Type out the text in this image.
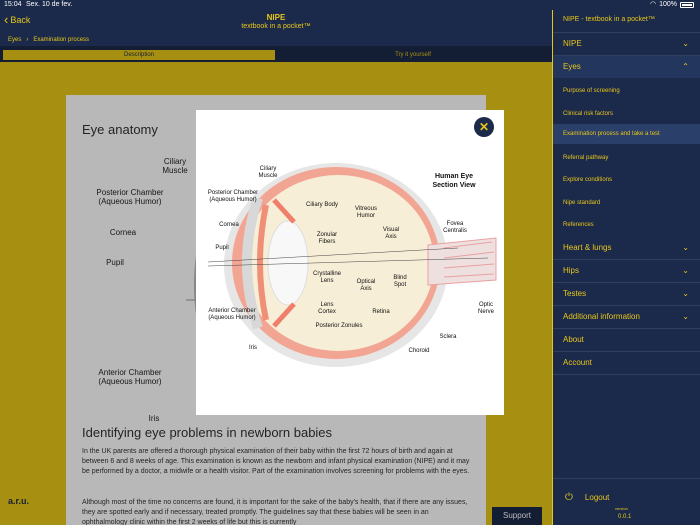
15:04 Sex. 10 de fev.	◠ 100%
‹ Back	NIPE
textbook in a pocket™
Eyes › Examination process
Description	Try it yourself
Eye anatomy
Ciliary Muscle
Posterior Chamber (Aqueous Humor)
Cornea
Pupil
Anterior Chamber (Aqueous Humor)
Iris
Identifying eye problems in newborn babies
In the UK parents are offered a thorough physical examination of their baby within the first 72 hours of birth and again at between 6 and 8 weeks of age. This examination is known as the newborn and infant physical examination (NIPE) and it may be performed by a doctor, a midwife or a health visitor. Part of the examination involves screening for problems with the eyes.
Although most of the time no concerns are found, it is important for the sake of the baby's health, that if there are any issues, they are spotted early and if necessary, treated promptly. The guidelines say that these babies will be seen in an ophthalmology clinic within the first 2 weeks of life but this is currently
a.r.u.
Support
✕
Human Eye Section View
Ciliary Muscle
Posterior Chamber (Aqueous Humor)
Cornea
Pupil
Anterior Chamber (Aqueous Humor)
Iris
Ciliary Body
Zonular Fibers
Vitreous Humor
Visual Axis
Fovea Centralis
Crystalline Lens	Optical Axis
Blind Spot
Optic Nerve
Lens Cortex	Retina
Posterior Zonules
Sclera
Choroid
NIPE - textbook in a pocket™
NIPE	⌄
Eyes	⌃
Purpose of screening
Clinical risk factors
Examination process and take a test
Referral pathway
Explore conditions
Nipe standard
References
Heart & lungs	⌄
Hips	⌄
Testes	⌄
Additional information	⌄
About
Account
⏻ Logout
version
0.0.1
